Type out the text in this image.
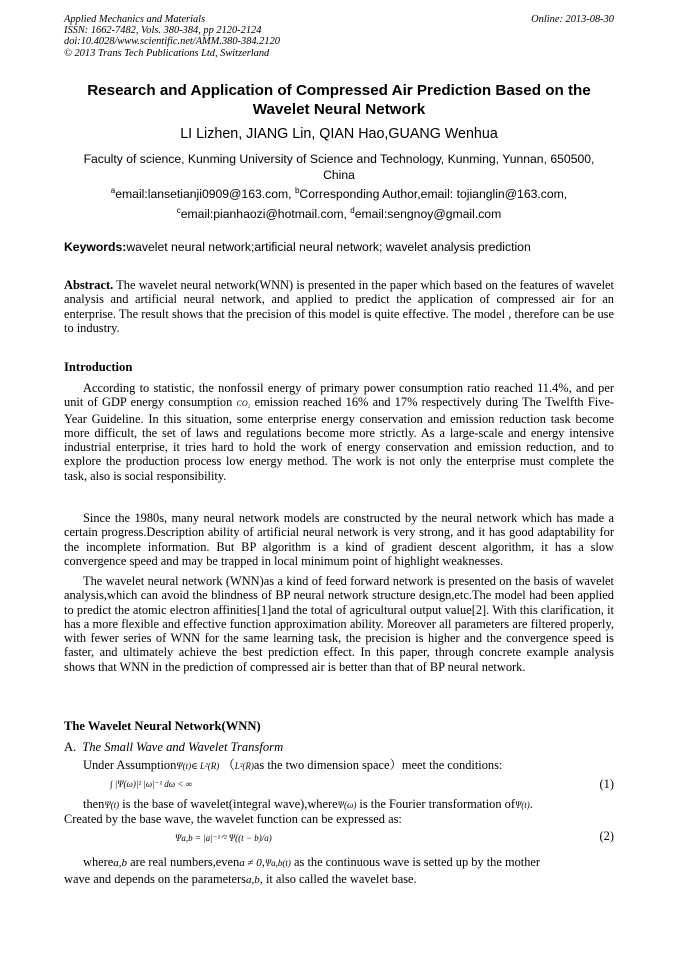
Applied Mechanics and Materials
ISSN: 1662-7482, Vols. 380-384, pp 2120-2124
doi:10.4028/www.scientific.net/AMM.380-384.2120
© 2013 Trans Tech Publications Ltd, Switzerland
Online: 2013-08-30
Research and Application of Compressed Air Prediction Based on the
Wavelet Neural Network
LI Lizhen, JIANG Lin, QIAN Hao,GUANG Wenhua
Faculty of science, Kunming University of Science and Technology, Kunming, Yunnan, 650500,
China
$^a$email:lansetianji0909@163.com, $^b$Corresponding Author,email: tojianglin@163.com,
$^c$email:pianhaozi@hotmail.com, $^d$email:sengnoy@gmail.com
Keywords:wavelet neural network;artificial neural network; wavelet analysis prediction
Abstract. The wavelet neural network(WNN) is presented in the paper which based on the features of wavelet analysis and artificial neural network, and applied to predict the application of compressed air for an enterprise. The result shows that the precision of this model is quite effective. The model , therefore can be use to industry.
Introduction
According to statistic, the nonfossil energy of primary power consumption ratio reached 11.4%, and per unit of GDP energy consumption CO₂ emission reached 16% and 17% respectively during The Twelfth Five-Year Guideline. In this situation, some enterprise energy conservation and emission reduction task become more difficult, the set of laws and regulations become more strictly. As a large-scale and energy intensive industrial enterprise, it tries hard to hold the work of energy conservation and emission reduction, and to explore the production process low energy method. The work is not only the enterprise must complete the task, also is social responsibility.
Since the 1980s, many neural network models are constructed by the neural network which has made a certain progress.Description ability of artificial neural network is very strong, and it has good adaptability for the incomplete information. But BP algorithm is a kind of gradient descent algorithm, it has a slow convergence speed and may be trapped in local minimum point of highlight weaknesses.
The wavelet neural network (WNN)as a kind of feed forward network is presented on the basis of wavelet analysis,which can avoid the blindness of BP neural network structure design,etc.The model had been applied to predict the atomic electron affinities[1]and the total of agricultural output value[2]. With this clarification, it has a more flexible and effective function approximation ability. Moreover all parameters are filtered properly, with fewer series of WNN for the same learning task, the precision is higher and the convergence speed is faster, and ultimately achieve the best prediction effect. In this paper, through concrete example analysis shows that WNN in the prediction of compressed air is better than that of BP neural network.
The Wavelet Neural Network(WNN)
A. The Small Wave and Wavelet Transform
Under AssumptionΨ(t)∈ L²(R) （L²(R)as the two dimension space）meet the conditions:
∫ |Ψ(ω)|² |ω|⁻¹ dω < ∞	(1)
thenΨ(t) is the base of wavelet(integral wave),whereΨ(ω) is the Fourier transformation ofΨ(t).
Created by the base wave, the wavelet function can be expressed as:
Ψa,b = |a|⁻¹ᐟ² Ψ((t − b)/a)	(2)
wherea,b are real numbers,evena ≠ 0,Ψa,b(t) as the continuous wave is setted up by the mother
wave and depends on the parametersa,b, it also called the wavelet base.
